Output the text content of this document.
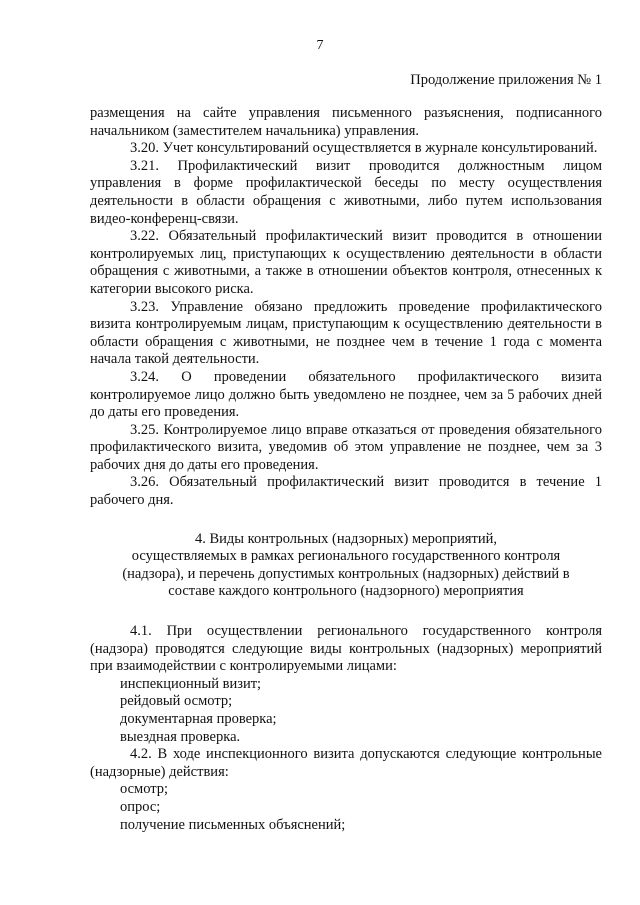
7
Продолжение приложения № 1

размещения на сайте управления письменного разъяснения, подписанного начальником (заместителем начальника) управления.

3.20. Учет консультирований осуществляется в журнале консультирований.

3.21. Профилактический визит проводится должностным лицом управления в форме профилактической беседы по месту осуществления деятельности в области обращения с животными, либо путем использования видео-конференц-связи.

3.22. Обязательный профилактический визит проводится в отношении контролируемых лиц, приступающих к осуществлению деятельности в области обращения с животными, а также в отношении объектов контроля, отнесенных к категории высокого риска.

3.23. Управление обязано предложить проведение профилактического визита контролируемым лицам, приступающим к осуществлению деятельности в области обращения с животными, не позднее чем в течение 1 года с момента начала такой деятельности.

3.24. О проведении обязательного профилактического визита контролируемое лицо должно быть уведомлено не позднее, чем за 5 рабочих дней до даты его проведения.

3.25. Контролируемое лицо вправе отказаться от проведения обязательного профилактического визита, уведомив об этом управление не позднее, чем за 3 рабочих дня до даты его проведения.

3.26. Обязательный профилактический визит проводится в течение 1 рабочего дня.

4. Виды контрольных (надзорных) мероприятий,
осуществляемых в рамках регионального государственного контроля
(надзора), и перечень допустимых контрольных (надзорных) действий в
составе каждого контрольного (надзорного) мероприятия

4.1. При осуществлении регионального государственного контроля (надзора) проводятся следующие виды контрольных (надзорных) мероприятий при взаимодействии с контролируемыми лицами:

инспекционный визит;

рейдовый осмотр;

документарная проверка;

выездная проверка.

4.2. В ходе инспекционного визита допускаются следующие контрольные (надзорные) действия:

осмотр;

опрос;

получение письменных объяснений;
